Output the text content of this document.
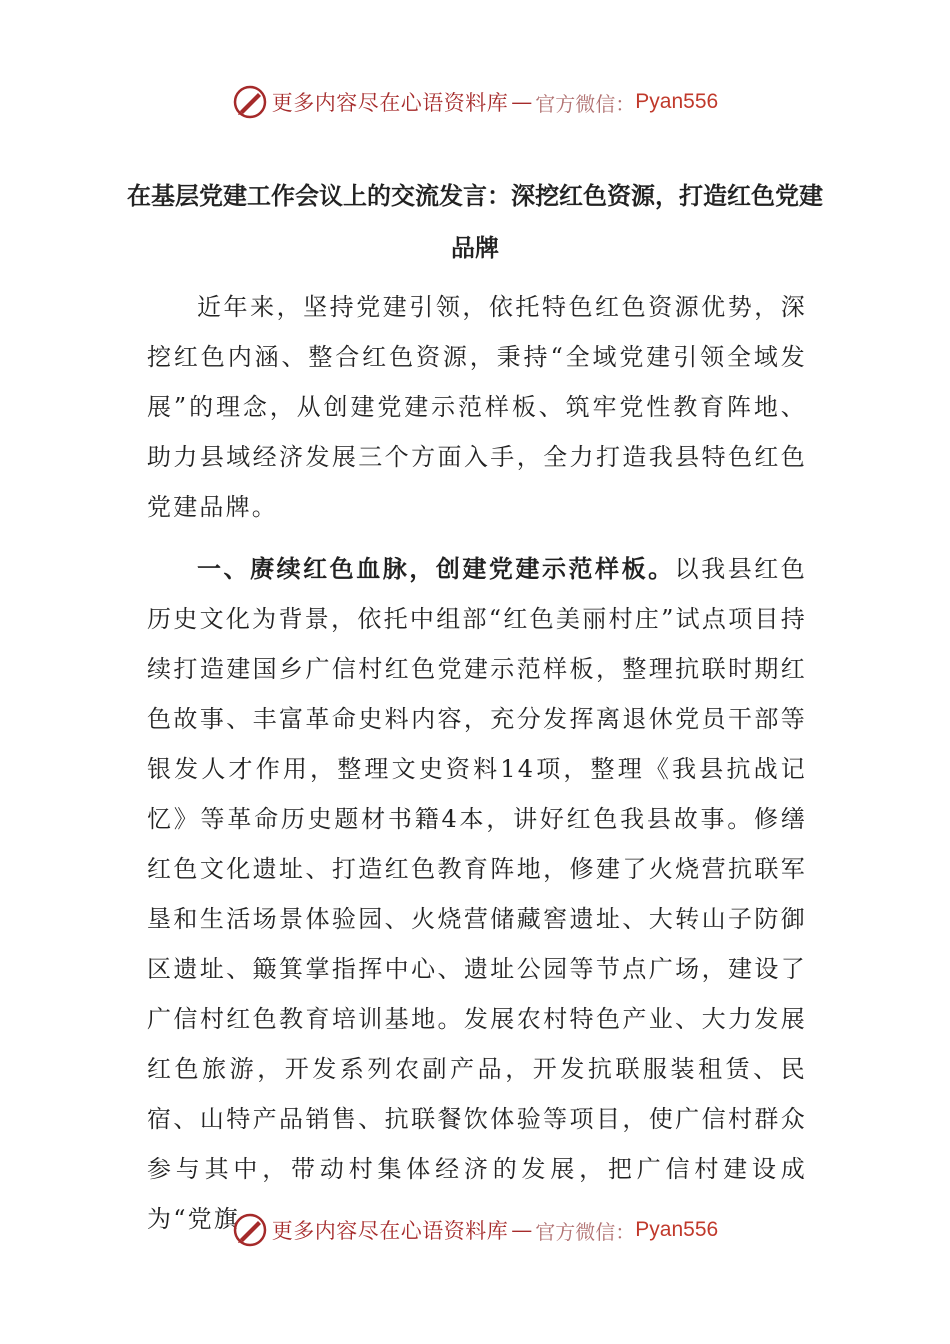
更多内容尽在心语资料库 — 官方微信： Pyan556
在基层党建工作会议上的交流发言：深挖红色资源，打造红色党建品牌

近年来，坚持党建引领，依托特色红色资源优势，深挖红色内涵、整合红色资源，秉持“全域党建引领全域发展”的理念，从创建党建示范样板、筑牢党性教育阵地、助力县域经济发展三个方面入手，全力打造我县特色红色党建品牌。

一、赓续红色血脉，创建党建示范样板。以我县红色历史文化为背景，依托中组部“红色美丽村庄”试点项目持续打造建国乡广信村红色党建示范样板，整理抗联时期红色故事、丰富革命史料内容，充分发挥离退休党员干部等银发人才作用，整理文史资料14项，整理《我县抗战记忆》等革命历史题材书籍4本，讲好红色我县故事。修缮红色文化遗址、打造红色教育阵地，修建了火烧营抗联军垦和生活场景体验园、火烧营储藏窖遗址、大转山子防御区遗址、簸箕掌指挥中心、遗址公园等节点广场，建设了广信村红色教育培训基地。发展农村特色产业、大力发展红色旅游，开发系列农副产品，开发抗联服装租赁、民宿、山特产品销售、抗联餐饮体验等项目，使广信村群众参与其中，带动村集体经济的发展，把广信村建设成为“党旗	更多内容尽在心语资料库 — 官方微信： Pyan556
